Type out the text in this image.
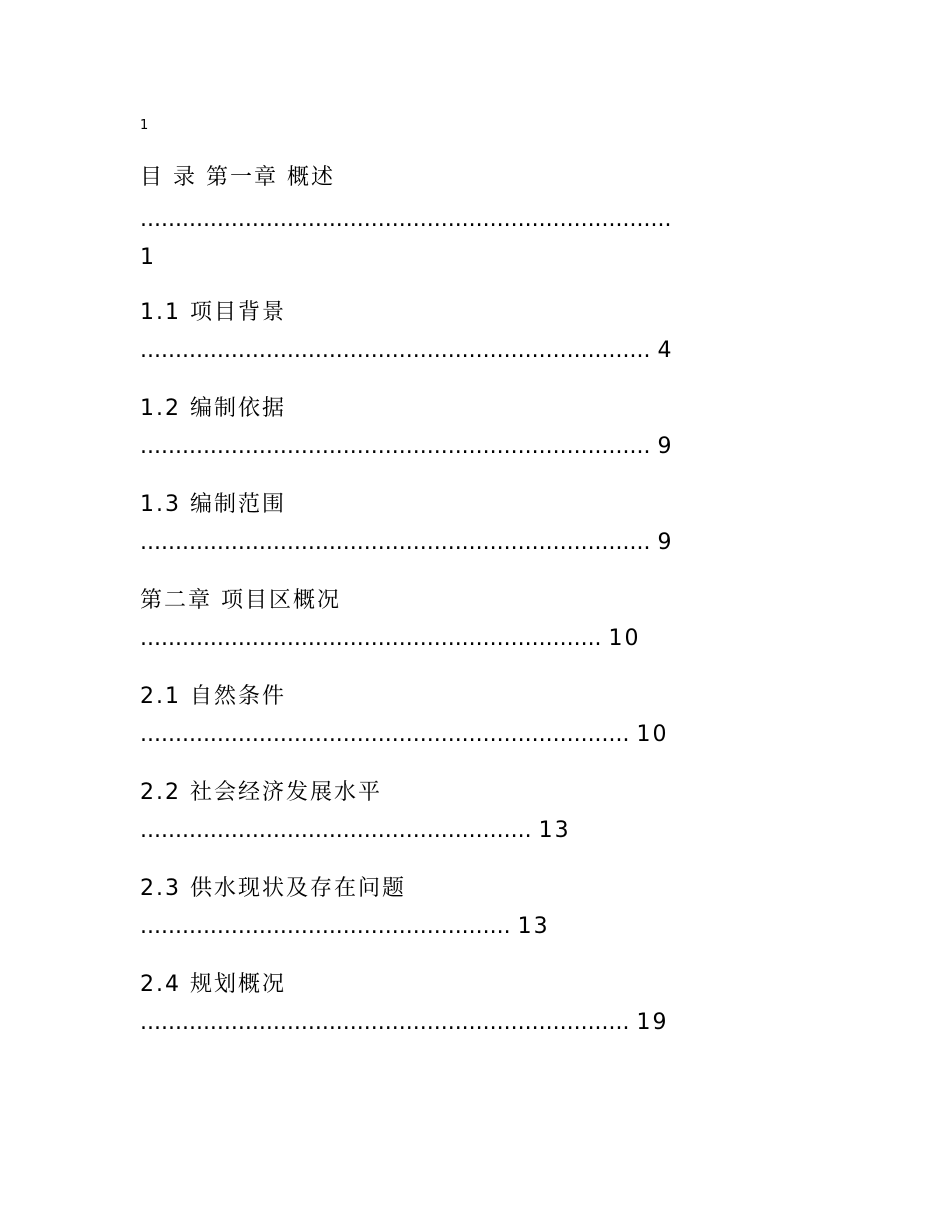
1

目 录 第一章 概述

............................................................................

1

1.1 项目背景

......................................................................... 4

1.2 编制依据

......................................................................... 9

1.3 编制范围

......................................................................... 9

第二章 项目区概况

.................................................................. 10

2.1 自然条件

...................................................................... 10

2.2 社会经济发展水平

........................................................ 13

2.3 供水现状及存在问题

..................................................... 13

2.4 规划概况

...................................................................... 19
